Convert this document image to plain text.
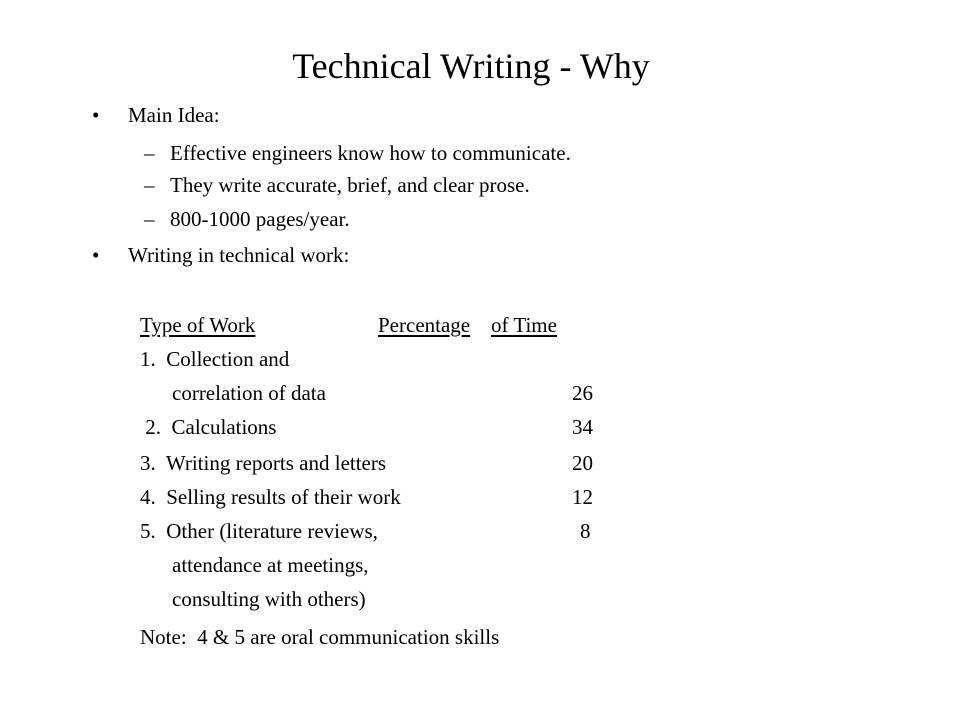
Technical Writing - Why
• Main Idea:
– Effective engineers know how to communicate.
– They write accurate, brief, and clear prose.
– 800-1000 pages/year.
• Writing in technical work:
Type of Work	Percentage of Time
1.  Collection and
correlation of data	26
2.  Calculations	34
3.  Writing reports and letters	20
4.  Selling results of their work	12
5.  Other (literature reviews,	8
attendance at meetings,
consulting with others)
Note:  4 & 5 are oral communication skills
